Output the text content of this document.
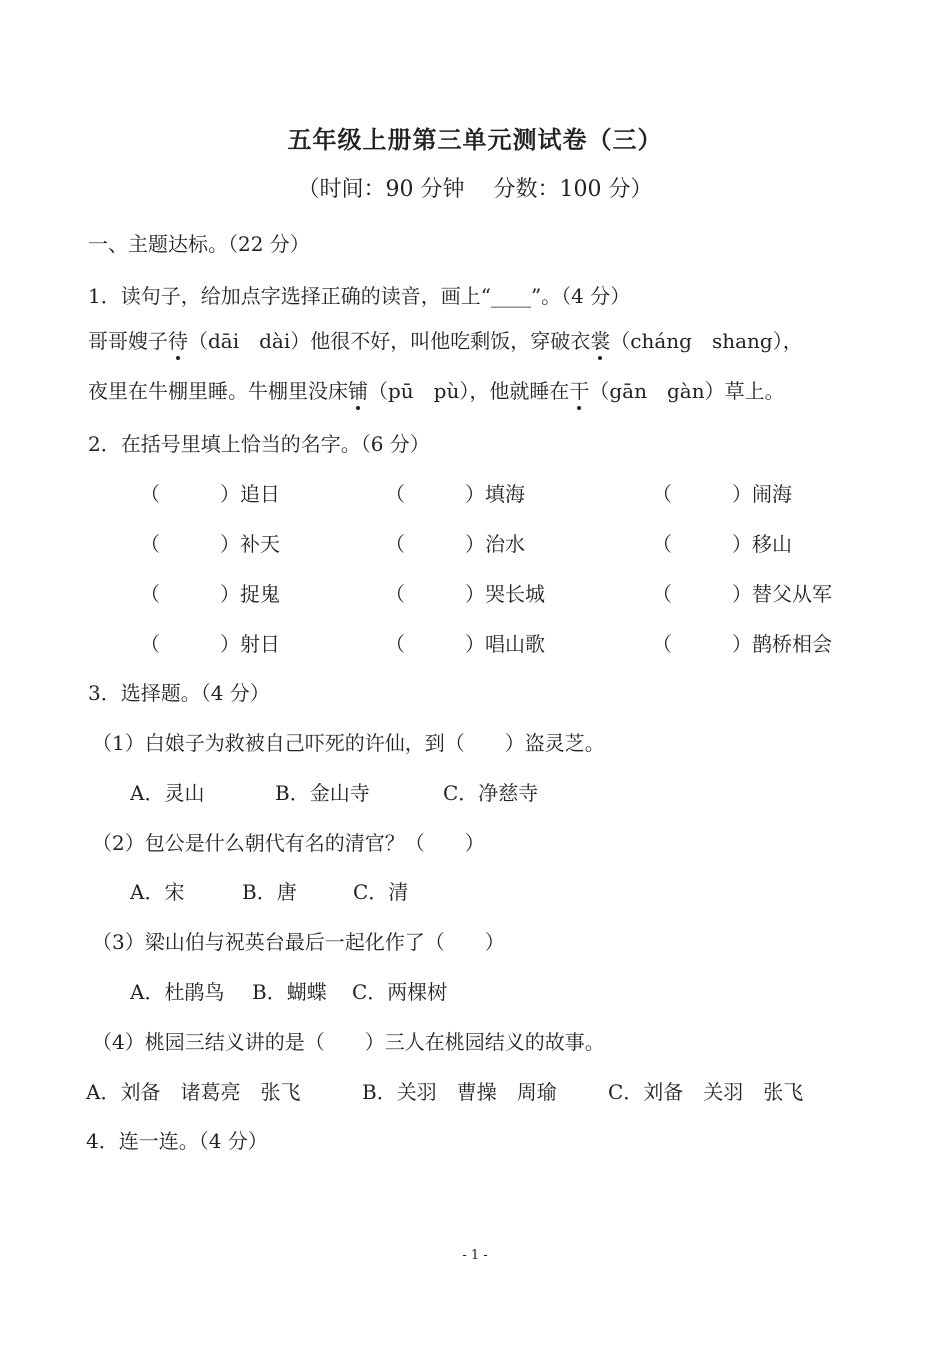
五年级上册第三单元测试卷（三）
（时间：90 分钟　 分数：100 分）
一、主题达标。（22 分）
1．读句子，给加点字选择正确的读音，画上“____”。（4 分）
哥哥嫂子待（dāi　dài）他很不好，叫他吃剩饭，穿破衣裳（cháng　shang），
夜里在牛棚里睡。牛棚里没床铺（pū　pù），他就睡在干（gān　gàn）草上。
2．在括号里填上恰当的名字。（6 分）
（　　　）追日	（　　　）填海	（　　　）闹海
（　　　）补天	（　　　）治水	（　　　）移山
（　　　）捉鬼	（　　　）哭长城	（　　　）替父从军
（　　　）射日	（　　　）唱山歌	（　　　）鹊桥相会
3．选择题。（4 分）
（1）白娘子为救被自己吓死的许仙，到（　　）盗灵芝。
A．灵山	B．金山寺	C．净慈寺
（2）包公是什么朝代有名的清官？（　　）
A．宋	B．唐	C．清
（3）梁山伯与祝英台最后一起化作了（　　）
A．杜鹃鸟 B．蝴蝶 C．两棵树
（4）桃园三结义讲的是（　　）三人在桃园结义的故事。
A．刘备　诸葛亮　张飞	B．关羽　曹操　周瑜	C．刘备　关羽　张飞
4．连一连。（4 分）
- 1 -
